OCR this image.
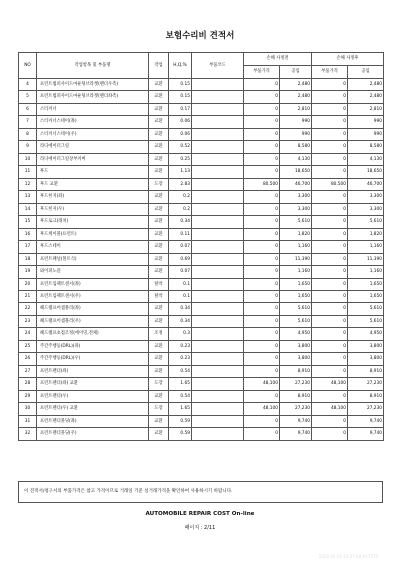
보험수리비 견적서
NO	작업항목 및 부품명	작업	H,Q,%	부품코드	손해 사정전		손해 사정후	
					부품가격	공임	부품가격	공임
4	프런트범퍼사이드마운팅브라켓(렌더우측)	교환	0.15		0	2,480	0	2,480
5	프런트범퍼사이드마운팅브라켓(렌더좌측)	교환	0.15		0	2,480	0	2,480
6	스티커너	교환	0.17		0	2,810	0	2,810
7	스티커너스테이(좌)	교환	0.06		0	990	0	990
8	스티커너스테이(우)	교환	0.06		0	990	0	990
9	라디에이터그릴	교환	0.52		0	8,580	0	8,580
10	라디에이터그릴상부커버	교환	0.25		0	4,130	0	4,130
11	후드	교환	1.13		0	18,650	0	18,650
12	후드 교환	도장	2.83		80,500	46,700	80,500	46,700
13	후드힌지(좌)	교환	0.2		0	3,300	0	3,300
14	후드힌지(우)	교환	0.2		0	3,300	0	3,300
15	후드로크(래치)	교환	0.34		0	5,610	0	5,610
16	후드케이블(프런트)	교환	0.11		0	1,820	0	1,820
17	후드스테이	교환	0.07		0	1,160	0	1,160
18	프런트패널(볼트식)	교환	0.69		0	11,390	0	11,390
19	와이퍼노즐	교환	0.07		0	1,160	0	1,160
20	프런트임팩트센서(좌)	탈착	0.1		0	1,650	0	1,650
21	프런트임팩트센서(우)	탈착	0.1		0	1,650	0	1,650
22	헤드램프어셈블리(좌)	교환	0.34		0	5,610	0	5,610
23	헤드램프어셈블리(우)	교환	0.34		0	5,610	0	5,610
24	헤드램프초점조정(에이밍,전체)	조정	0.3		0	4,950	0	4,950
25	주간주행등(DRL)(좌)	교환	0.23		0	3,800	0	3,800
26	주간주행등(DRL)(우)	교환	0.23		0	3,800	0	3,800
27	프런트펜더(좌)	교환	0.54		0	8,910	0	8,910
28	프런트펜더(좌) 교환	도장	1.65		48,100	27,230	48,100	27,230
29	프런트펜더(우)	교환	0.54		0	8,910	0	8,910
30	프런트펜더(우) 교환	도장	1.65		48,100	27,230	48,100	27,230
31	프런트펜더몰딩(좌)	교환	0.59		0	9,740	0	9,740
32	프런트펜더몰딩(우)	교환	0.59		0	9,740	0	9,740
이 견적서/청구서의 부품가격은 참고 가격이므로 거래일 기준 실거래가격을 확인하여 사용하시기 바랍니다.
AUTOMOBILE REPAIR COST On-line
페이지 : 2/11
2024-05-05 10:37:40 A17773
